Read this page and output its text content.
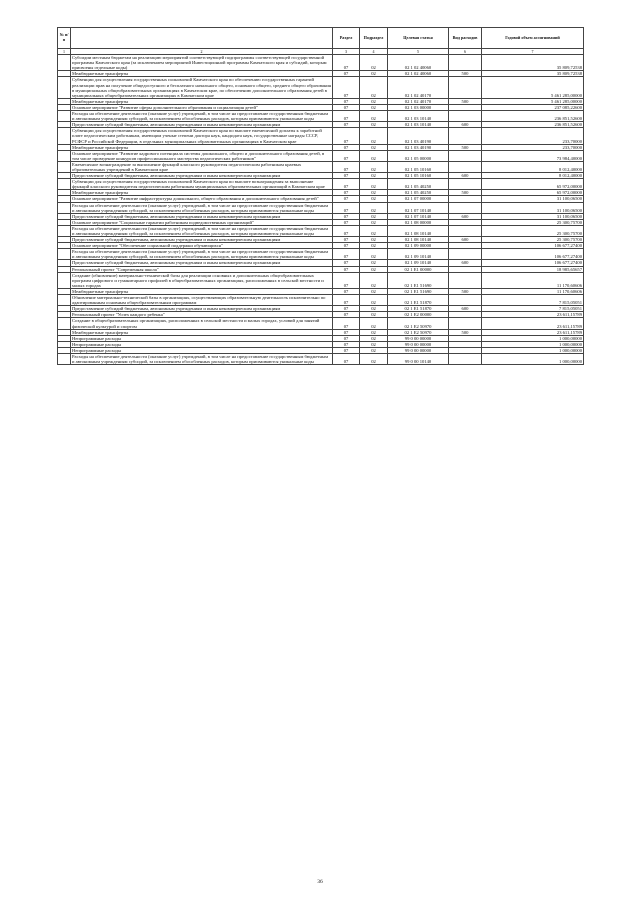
№ п/п		Раздел	Подраздел	Целевая статья	Вид расходов	Годовой объем ассигнований
1	2	3	4	5	6	7
	Субсидии местным бюджетам на реализацию мероприятий соответствующей подпрограммы соответствующей государственной программы Камчатского края (за исключением мероприятий Инвестиционной программы Камчатского края и субсидий, которым присвоены отдельные коды)	07	02	02 1 02 40060		35 809,72538
	Межбюджетные трансферты	07	02	02 1 02 40060	500	35 809,72538
	Субвенции для осуществления государственных полномочий Камчатского края по обеспечению государственных гарантий реализации прав на получение общедоступного и бесплатного начального общего, основного общего, среднего общего образования в муниципальных общеобразовательных организациях в Камчатском крае, по обеспечению дополнительного образования детей в муниципальных общеобразовательных организациях в Камчатском крае	07	02	02 1 02 40170		5 461 285,00000
	Межбюджетные трансферты	07	02	02 1 02 40170	500	5 461 285,00000
	Основное мероприятие "Развитие сферы дополнительного образования и социализация детей"	07	02	02 1 03 00000		237 085,22600
	Расходы на обеспечение деятельности (оказание услуг) учреждений, в том числе на предоставление государственным бюджетным и автономным учреждениям субсидий, за исключением обособленных расходов, которым присваиваются уникальные коды	07	02	02 1 03 10140		236 851,52600
	Предоставление субсидий бюджетным, автономным учреждениям и иным некоммерческим организациям	07	02	02 1 03 10140	600	236 851,52600
	Субвенции для осуществления государственных полномочий Камчатского края по выплате ежемесячной доплаты к заработной плате педагогическим работникам, имеющим ученые степени доктора наук, кандидата наук, государственные награды СССР, РСФСР и Российской Федерации, в отдельных муниципальных образовательных организациях в Камчатском крае	07	02	02 1 03 40190		233,70000
	Межбюджетные трансферты	07	02	02 1 03 40190	500	233,70000
	Основное мероприятие "Развитие кадрового потенциала системы дошкольного, общего и дополнительного образования детей, в том числе проведение конкурсов профессионального мастерства педагогических работников"	07	02	02 1 05 00000		73 984,40000
	Ежемесячное вознаграждение за выполнение функций классного руководителя педагогическим работникам краевых образовательных учреждений в Камчатском крае	07	02	02 1 05 10160		8 012,40000
	Предоставление субсидий бюджетным, автономным учреждениям и иным некоммерческим организациям	07	02	02 1 05 10160	600	8 012,40000
	Субвенции для осуществления государственных полномочий Камчатского края по выплате вознаграждения за выполнение функций классного руководителя педагогическим работникам муниципальных образовательных организаций в Камчатском крае	07	02	02 1 05 40250		65 972,00000
	Межбюджетные трансферты	07	02	02 1 05 40250	500	65 972,00000
	Основное мероприятие "Развитие инфраструктуры дошкольного, общего образования и дополнительного образования детей"	07	02	02 1 07 00000		31 100,06500
	Расходы на обеспечение деятельности (оказание услуг) учреждений, в том числе на предоставление государственным бюджетным и автономным учреждениям субсидий, за исключением обособленных расходов, которым присваиваются уникальные коды	07	02	02 1 07 10140		31 100,06500
	Предоставление субсидий бюджетным, автономным учреждениям и иным некоммерческим организациям	07	02	02 1 07 10140	600	31 100,06500
	Основное мероприятие "Социальные гарантии работникам подведомственных организаций"	07	02	02 1 08 00000		25 300,75700
	Расходы на обеспечение деятельности (оказание услуг) учреждений, в том числе на предоставление государственным бюджетным и автономным учреждениям субсидий, за исключением обособленных расходов, которым присваиваются уникальные коды	07	02	02 1 08 10140		25 300,75700
	Предоставление субсидий бюджетным, автономным учреждениям и иным некоммерческим организациям	07	02	02 1 08 10140	600	25 300,75700
	Основное мероприятие "Обеспечение социальной поддержки обучающихся"	07	02	02 1 09 00000		106 677,27400
	Расходы на обеспечение деятельности (оказание услуг) учреждений, в том числе на предоставление государственным бюджетным и автономным учреждениям субсидий, за исключением обособленных расходов, которым присваиваются уникальные коды	07	02	02 1 09 10140		106 677,27400
	Предоставление субсидий бюджетным, автономным учреждениям и иным некоммерческим организациям	07	02	02 1 09 10140	600	106 677,27400
	Региональный проект "Современная школа"	07	02	02 1 E1 00000		18 985,65657
	Создание (обновление) материально-технической базы для реализации основных и дополнительных общеобразовательных программ цифрового и гуманитарного профилей в общеобразовательных организациях, расположенных в сельской местности и малых городах	07	02	02 1 E1 51690		11 170,60606
	Межбюджетные трансферты	07	02	02 1 E1 51690	500	11 170,60606
	Обновление материально-технической базы в организациях, осуществляющих образовательную деятельность исключительно по адаптированным основным общеобразовательным программам	07	02	02 1 E1 51870		7 815,05051
	Предоставление субсидий бюджетным, автономным учреждениям и иным некоммерческим организациям	07	02	02 1 E1 51870	600	7 815,05051
	Региональный проект "Успех каждого ребенка"	07	02	02 1 E2 00000		23 611,15789
	Создание в общеобразовательных организациях, расположенных в сельской местности и малых городах, условий для занятий физической культурой и спортом	07	02	02 1 E2 50970		23 611,15789
	Межбюджетные трансферты	07	02	02 1 E2 50970	500	23 611,15789
	Непрограммные расходы	07	02	99 0 00 00000		1 000,00000
	Непрограммные расходы	07	02	99 0 00 00000		1 000,00000
	Непрограммные расходы	07	02	99 0 00 00000		1 000,00000
	Расходы на обеспечение деятельности (оказание услуг) учреждений, в том числе на предоставление государственным бюджетным и автономным учреждениям субсидий, за исключением обособленных расходов, которым присваиваются уникальные коды	07	02	99 0 00 10140		1 000,00000
36
